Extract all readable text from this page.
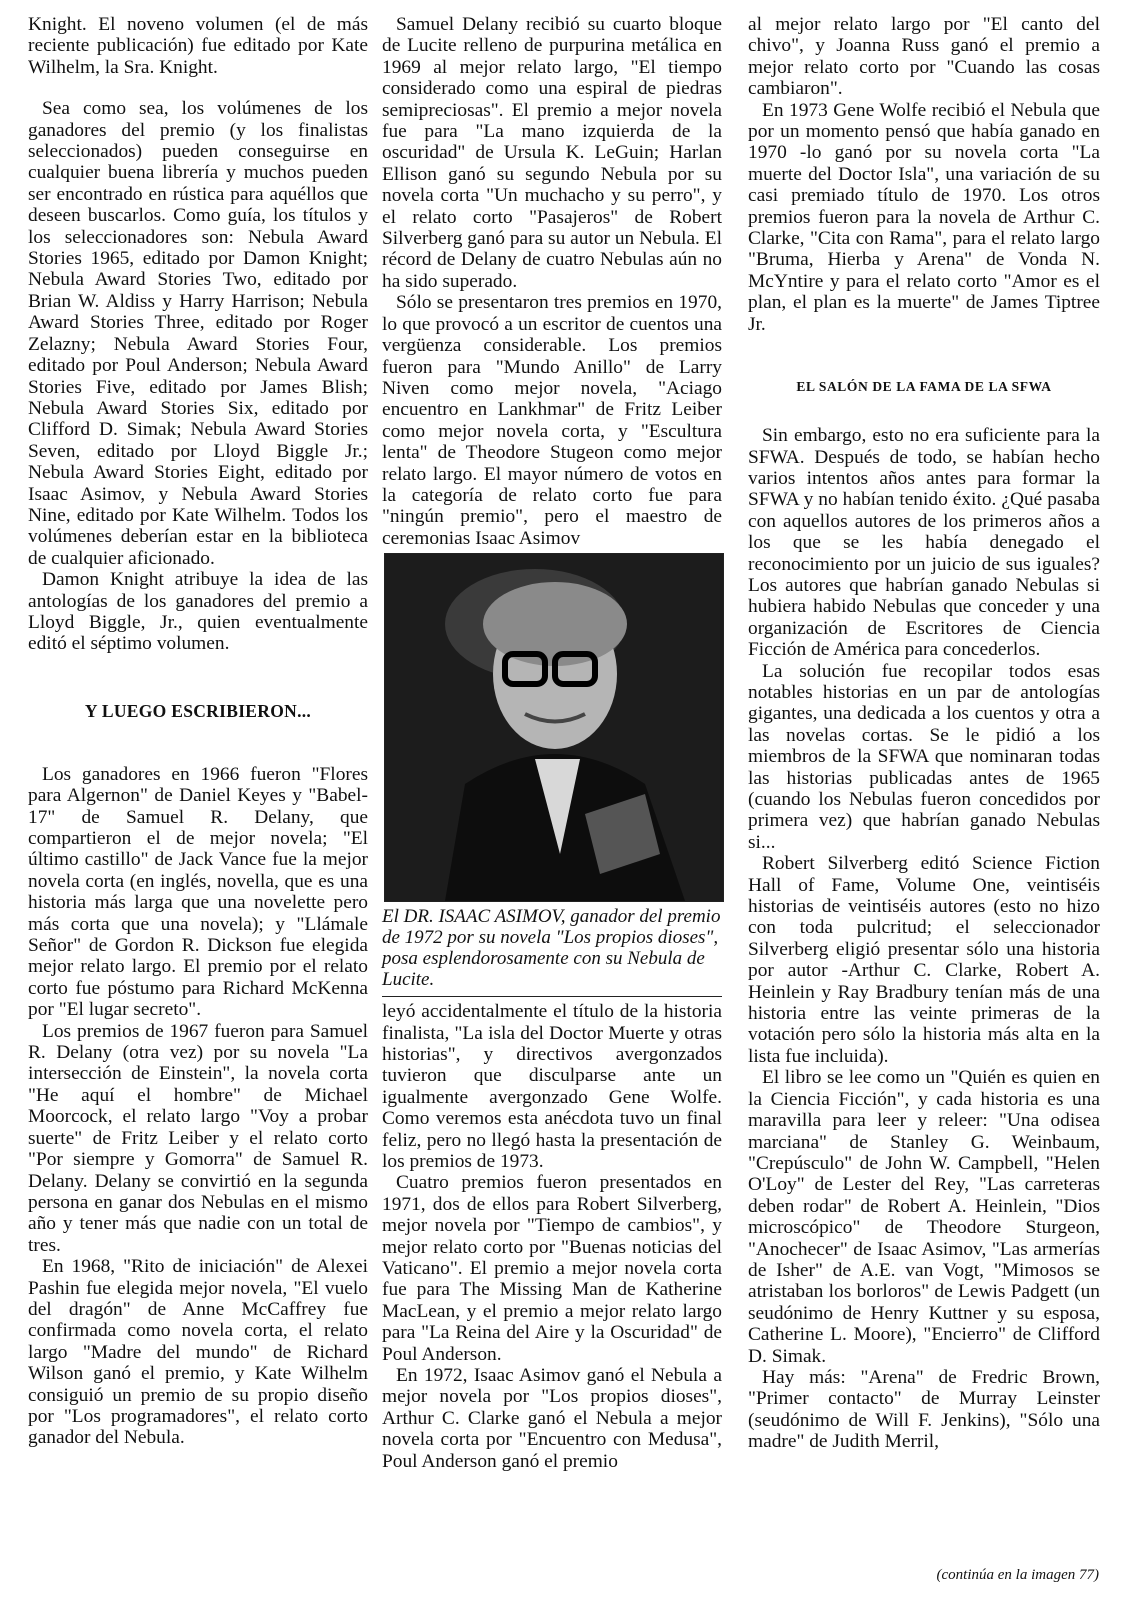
Knight. El noveno volumen (el de más reciente publicación) fue editado por Kate Wilhelm, la Sra. Knight.

Sea como sea, los volúmenes de los ganadores del premio (y los finalistas seleccionados) pueden conseguirse en cualquier buena librería y muchos pueden ser encontrado en rústica para aquéllos que deseen buscarlos. Como guía, los títulos y los seleccionadores son: Nebula Award Stories 1965, editado por Damon Knight; Nebula Award Stories Two, editado por Brian W. Aldiss y Harry Harrison; Nebula Award Stories Three, editado por Roger Zelazny; Nebula Award Stories Four, editado por Poul Anderson; Nebula Award Stories Five, editado por James Blish; Nebula Award Stories Six, editado por Clifford D. Simak; Nebula Award Stories Seven, editado por Lloyd Biggle Jr.; Nebula Award Stories Eight, editado por Isaac Asimov, y Nebula Award Stories Nine, editado por Kate Wilhelm. Todos los volúmenes deberían estar en la biblioteca de cualquier aficionado.

Damon Knight atribuye la idea de las antologías de los ganadores del premio a Lloyd Biggle, Jr., quien eventualmente editó el séptimo volumen.

Y LUEGO ESCRIBIERON...

Los ganadores en 1966 fueron "Flores para Algernon" de Daniel Keyes y "Babel-17" de Samuel R. Delany, que compartieron el de mejor novela; "El último castillo" de Jack Vance fue la mejor novela corta (en inglés, novella, que es una historia más larga que una novelette pero más corta que una novela); y "Llámale Señor" de Gordon R. Dickson fue elegida mejor relato largo. El premio por el relato corto fue póstumo para Richard McKenna por "El lugar secreto".

Los premios de 1967 fueron para Samuel R. Delany (otra vez) por su novela "La intersección de Einstein", la novela corta "He aquí el hombre" de Michael Moorcock, el relato largo "Voy a probar suerte" de Fritz Leiber y el relato corto "Por siempre y Gomorra" de Samuel R. Delany. Delany se convirtió en la segunda persona en ganar dos Nebulas en el mismo año y tener más que nadie con un total de tres.

En 1968, "Rito de iniciación" de Alexei Pashin fue elegida mejor novela, "El vuelo del dragón" de Anne McCaffrey fue confirmada como novela corta, el relato largo "Madre del mundo" de Richard Wilson ganó el premio, y Kate Wilhelm consiguió un premio de su propio diseño por "Los programadores", el relato corto ganador del Nebula.

Samuel Delany recibió su cuarto bloque de Lucite relleno de purpurina metálica en 1969 al mejor relato largo, "El tiempo considerado como una espiral de piedras semipreciosas". El premio a mejor novela fue para "La mano izquierda de la oscuridad" de Ursula K. LeGuin; Harlan Ellison ganó su segundo Nebula por su novela corta "Un muchacho y su perro", y el relato corto "Pasajeros" de Robert Silverberg ganó para su autor un Nebula. El récord de Delany de cuatro Nebulas aún no ha sido superado.

Sólo se presentaron tres premios en 1970, lo que provocó a un escritor de cuentos una vergüenza considerable. Los premios fueron para "Mundo Anillo" de Larry Niven como mejor novela, "Aciago encuentro en Lankhmar" de Fritz Leiber como mejor novela corta, y "Escultura lenta" de Theodore Stugeon como mejor relato largo. El mayor número de votos en la categoría de relato corto fue para "ningún premio", pero el maestro de ceremonias Isaac Asimov

El DR. ISAAC ASIMOV, ganador del premio de 1972 por su novela "Los propios dioses", posa esplendorosamente con su Nebula de Lucite.

leyó accidentalmente el título de la historia finalista, "La isla del Doctor Muerte y otras historias", y directivos avergonzados tuvieron que disculparse ante un igualmente avergonzado Gene Wolfe. Como veremos esta anécdota tuvo un final feliz, pero no llegó hasta la presentación de los premios de 1973.

Cuatro premios fueron presentados en 1971, dos de ellos para Robert Silverberg, mejor novela por "Tiempo de cambios", y mejor relato corto por "Buenas noticias del Vaticano". El premio a mejor novela corta fue para The Missing Man de Katherine MacLean, y el premio a mejor relato largo para "La Reina del Aire y la Oscuridad" de Poul Anderson.

En 1972, Isaac Asimov ganó el Nebula a mejor novela por "Los propios dioses", Arthur C. Clarke ganó el Nebula a mejor novela corta por "Encuentro con Medusa", Poul Anderson ganó el premio

al mejor relato largo por "El canto del chivo", y Joanna Russ ganó el premio a mejor relato corto por "Cuando las cosas cambiaron".

En 1973 Gene Wolfe recibió el Nebula que por un momento pensó que había ganado en 1970 -lo ganó por su novela corta "La muerte del Doctor Isla", una variación de su casi premiado título de 1970. Los otros premios fueron para la novela de Arthur C. Clarke, "Cita con Rama", para el relato largo "Bruma, Hierba y Arena" de Vonda N. McYntire y para el relato corto "Amor es el plan, el plan es la muerte" de James Tiptree Jr.

EL SALÓN DE LA FAMA DE LA SFWA

Sin embargo, esto no era suficiente para la SFWA. Después de todo, se habían hecho varios intentos años antes para formar la SFWA y no habían tenido éxito. ¿Qué pasaba con aquellos autores de los primeros años a los que se les había denegado el reconocimiento por un juicio de sus iguales? Los autores que habrían ganado Nebulas si hubiera habido Nebulas que conceder y una organización de Escritores de Ciencia Ficción de América para concederlos.

La solución fue recopilar todos esas notables historias en un par de antologías gigantes, una dedicada a los cuentos y otra a las novelas cortas. Se le pidió a los miembros de la SFWA que nominaran todas las historias publicadas antes de 1965 (cuando los Nebulas fueron concedidos por primera vez) que habrían ganado Nebulas si...

Robert Silverberg editó Science Fiction Hall of Fame, Volume One, veintiséis historias de veintiséis autores (esto no hizo con toda pulcritud; el seleccionador Silverberg eligió presentar sólo una historia por autor -Arthur C. Clarke, Robert A. Heinlein y Ray Bradbury tenían más de una historia entre las veinte primeras de la votación pero sólo la historia más alta en la lista fue incluida).

El libro se lee como un "Quién es quien en la Ciencia Ficción", y cada historia es una maravilla para leer y releer: "Una odisea marciana" de Stanley G. Weinbaum, "Crepúsculo" de John W. Campbell, "Helen O'Loy" de Lester del Rey, "Las carreteras deben rodar" de Robert A. Heinlein, "Dios microscópico" de Theodore Sturgeon, "Anochecer" de Isaac Asimov, "Las armerías de Isher" de A.E. van Vogt, "Mimosos se atristaban los borloros" de Lewis Padgett (un seudónimo de Henry Kuttner y su esposa, Catherine L. Moore), "Encierro" de Clifford D. Simak.

Hay más: "Arena" de Fredric Brown, "Primer contacto" de Murray Leinster (seudónimo de Will F. Jenkins), "Sólo una madre" de Judith Merril,

(continúa en la imagen 77)
